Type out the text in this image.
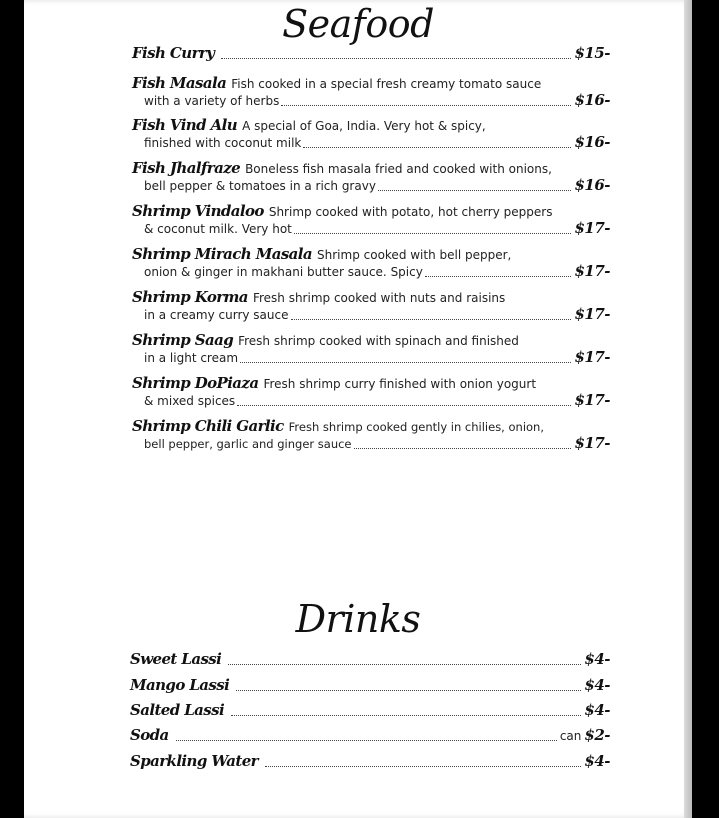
Seafood
Fish Curry	$15-
Fish Masala Fish cooked in a special fresh creamy tomato sauce
with a variety of herbs	$16-
Fish Vind Alu A special of Goa, India. Very hot & spicy,
finished with coconut milk	$16-
Fish Jhalfraze Boneless fish masala fried and cooked with onions,
bell pepper & tomatoes in a rich gravy	$16-
Shrimp Vindaloo Shrimp cooked with potato, hot cherry peppers
& coconut milk. Very hot	$17-
Shrimp Mirach Masala Shrimp cooked with bell pepper,
onion & ginger in makhani butter sauce. Spicy	$17-
Shrimp Korma Fresh shrimp cooked with nuts and raisins
in a creamy curry sauce	$17-
Shrimp Saag Fresh shrimp cooked with spinach and finished
in a light cream	$17-
Shrimp DoPiaza Fresh shrimp curry finished with onion yogurt
& mixed spices	$17-
Shrimp Chili Garlic Fresh shrimp cooked gently in chilies, onion,
bell pepper, garlic and ginger sauce	$17-
Drinks
Sweet Lassi	$4-
Mango Lassi	$4-
Salted Lassi	$4-
Soda	can $2-
Sparkling Water	$4-
